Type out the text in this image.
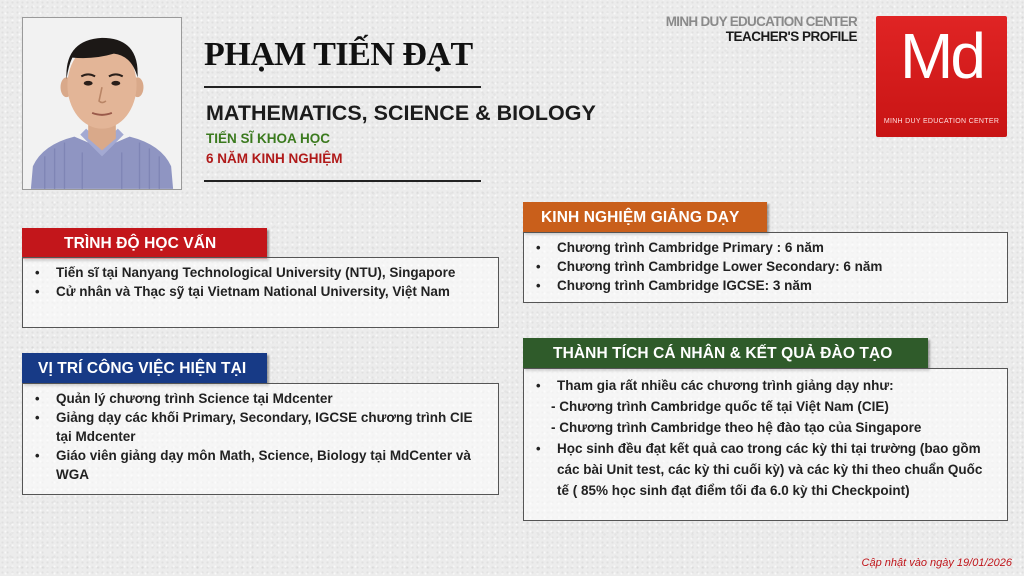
PHẠM TIẾN ĐẠT
MATHEMATICS, SCIENCE & BIOLOGY
TIẾN SĨ KHOA HỌC
6 NĂM KINH NGHIỆM
MINH DUY EDUCATION CENTER
TEACHER'S PROFILE Md
MINH DUY EDUCATION CENTER
TRÌNH ĐỘ HỌC VẤN
• Tiến sĩ tại Nanyang Technological University (NTU), Singapore
• Cử nhân và Thạc sỹ tại Vietnam National University, Việt Nam
VỊ TRÍ CÔNG VIỆC HIỆN TẠI
• Quản lý chương trình Science tại Mdcenter
• Giảng dạy các khối Primary, Secondary, IGCSE chương trình CIE tại Mdcenter
• Giáo viên giảng dạy môn Math, Science, Biology tại MdCenter và WGA
KINH NGHIỆM GIẢNG DẠY
• Chương trình Cambridge Primary : 6 năm
• Chương trình Cambridge Lower Secondary: 6 năm
• Chương trình Cambridge IGCSE: 3 năm
THÀNH TÍCH CÁ NHÂN & KẾT QUẢ ĐÀO TẠO
• Tham gia rất nhiều các chương trình giảng dạy như:
- Chương trình Cambridge quốc tế tại Việt Nam (CIE)
- Chương trình Cambridge theo hệ đào tạo của Singapore
• Học sinh đều đạt kết quả cao trong các kỳ thi tại trường (bao gồm các bài Unit test, các kỳ thi cuối kỳ) và các kỳ thi theo chuẩn Quốc tế ( 85% học sinh đạt điểm tối đa 6.0 kỳ thi Checkpoint)
Cập nhật vào ngày 19/01/2026
